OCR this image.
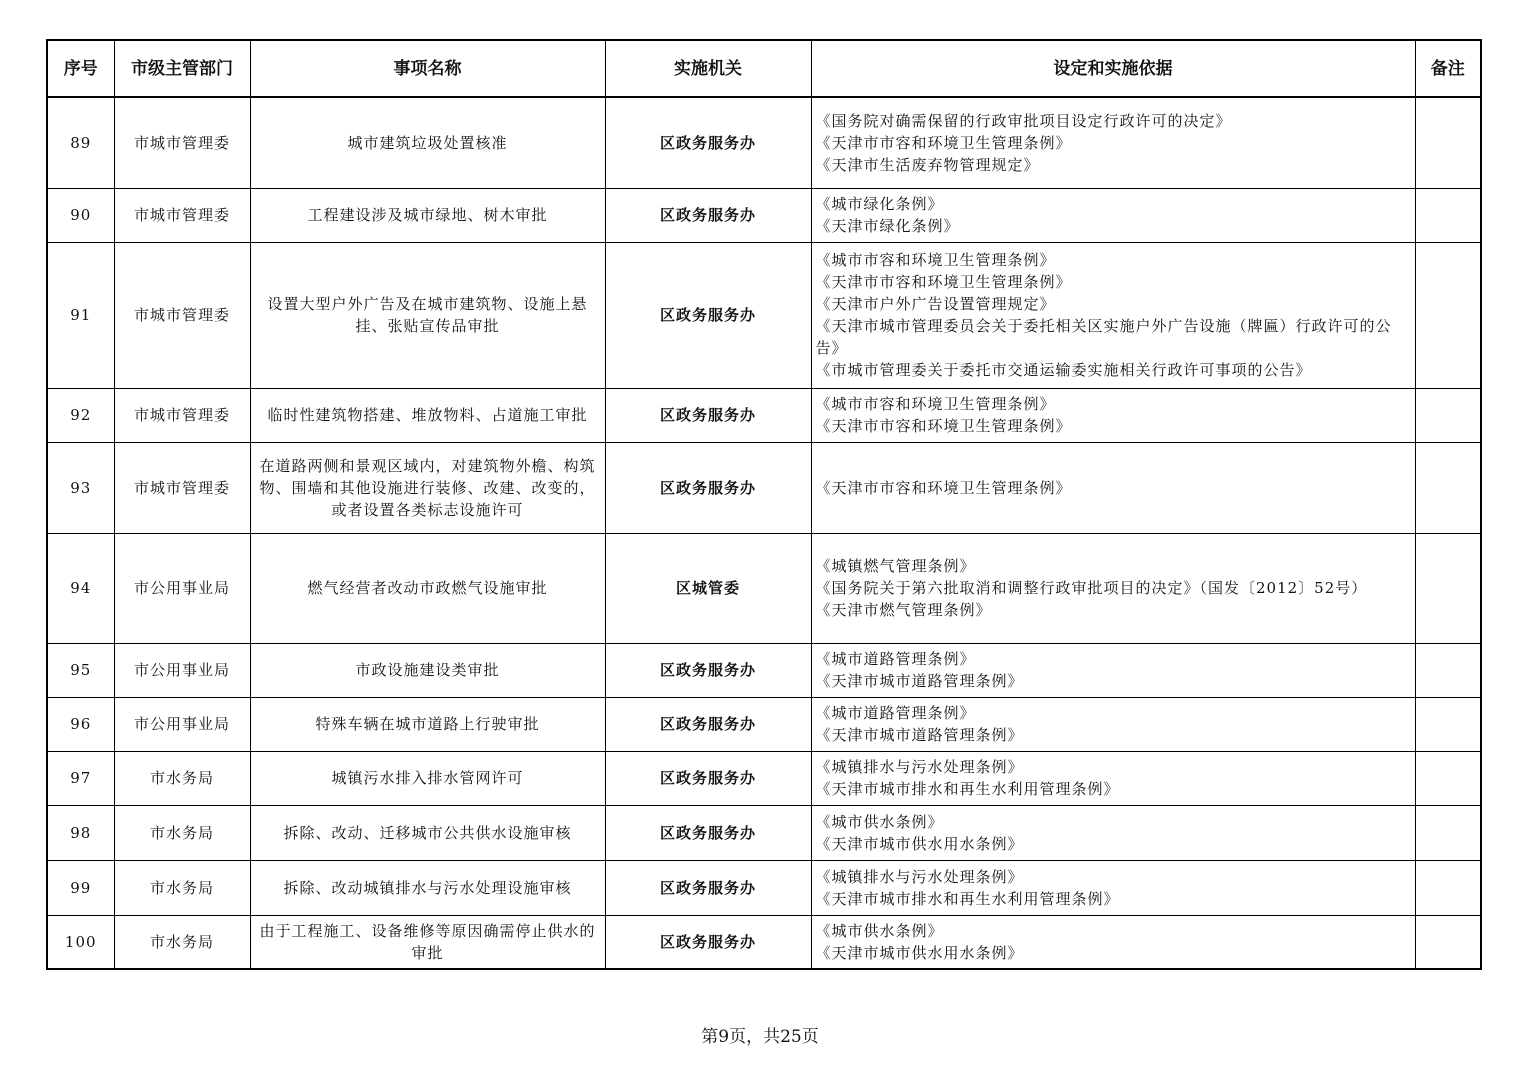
序号	市级主管部门	事项名称	实施机关	设定和实施依据	备注
89	市城市管理委	城市建筑垃圾处置核准	区政务服务办	《国务院对确需保留的行政审批项目设定行政许可的决定》
《天津市市容和环境卫生管理条例》
《天津市生活废弃物管理规定》	

90	市城市管理委	工程建设涉及城市绿地、树木审批	区政务服务办	《城市绿化条例》
《天津市绿化条例》	

91	市城市管理委	设置大型户外广告及在城市建筑物、设施上悬挂、张贴宣传品审批	区政务服务办	《城市市容和环境卫生管理条例》
《天津市市容和环境卫生管理条例》
《天津市户外广告设置管理规定》
《天津市城市管理委员会关于委托相关区实施户外广告设施（牌匾）行政许可的公告》
《市城市管理委关于委托市交通运输委实施相关行政许可事项的公告》	

92	市城市管理委	临时性建筑物搭建、堆放物料、占道施工审批	区政务服务办	《城市市容和环境卫生管理条例》
《天津市市容和环境卫生管理条例》	

93	市城市管理委	在道路两侧和景观区域内，对建筑物外檐、构筑物、围墙和其他设施进行装修、改建、改变的，或者设置各类标志设施许可	区政务服务办	《天津市市容和环境卫生管理条例》	

94	市公用事业局	燃气经营者改动市政燃气设施审批	区城管委	《城镇燃气管理条例》
《国务院关于第六批取消和调整行政审批项目的决定》（国发〔2012〕52号）
《天津市燃气管理条例》	

95	市公用事业局	市政设施建设类审批	区政务服务办	《城市道路管理条例》
《天津市城市道路管理条例》	

96	市公用事业局	特殊车辆在城市道路上行驶审批	区政务服务办	《城市道路管理条例》
《天津市城市道路管理条例》	

97	市水务局	城镇污水排入排水管网许可	区政务服务办	《城镇排水与污水处理条例》
《天津市城市排水和再生水利用管理条例》	

98	市水务局	拆除、改动、迁移城市公共供水设施审核	区政务服务办	《城市供水条例》
《天津市城市供水用水条例》	

99	市水务局	拆除、改动城镇排水与污水处理设施审核	区政务服务办	《城镇排水与污水处理条例》
《天津市城市排水和再生水利用管理条例》	

100	市水务局	由于工程施工、设备维修等原因确需停止供水的审批	区政务服务办	《城市供水条例》
《天津市城市供水用水条例》	

第9页，共25页
